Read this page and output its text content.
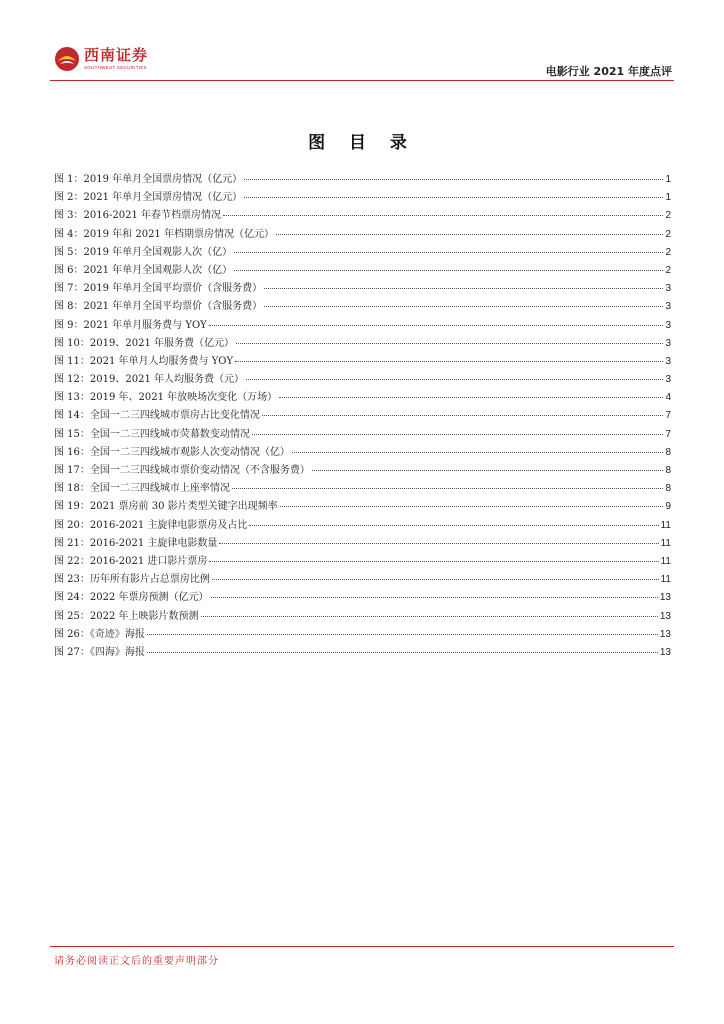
西南证券
SOUTHWEST SECURITIES	电影行业 2021 年度点评
图 目 录
图 1：2019 年单月全国票房情况（亿元）	1
图 2：2021 年单月全国票房情况（亿元）	1
图 3：2016-2021 年春节档票房情况	2
图 4：2019 年和 2021 年档期票房情况（亿元）	2
图 5：2019 年单月全国观影人次（亿）	2
图 6：2021 年单月全国观影人次（亿）	2
图 7：2019 年单月全国平均票价（含服务费）	3
图 8：2021 年单月全国平均票价（含服务费）	3
图 9：2021 年单月服务费与 YOY	3
图 10：2019、2021 年服务费（亿元）	3
图 11：2021 年单月人均服务费与 YOY	3
图 12：2019、2021 年人均服务费（元）	3
图 13：2019 年、2021 年放映场次变化（万场）	4
图 14：全国一二三四线城市票房占比变化情况	7
图 15：全国一二三四线城市荧幕数变动情况	7
图 16：全国一二三四线城市观影人次变动情况（亿）	8
图 17：全国一二三四线城市票价变动情况（不含服务费）	8
图 18：全国一二三四线城市上座率情况	8
图 19：2021 票房前 30 影片类型关键字出现频率	9
图 20：2016-2021 主旋律电影票房及占比	11
图 21：2016-2021 主旋律电影数量	11
图 22：2016-2021 进口影片票房	11
图 23：历年所有影片占总票房比例	11
图 24：2022 年票房预测（亿元）	13
图 25：2022 年上映影片数预测	13
图 26：《奇迹》海报	13
图 27：《四海》海报	13
请务必阅读正文后的重要声明部分
